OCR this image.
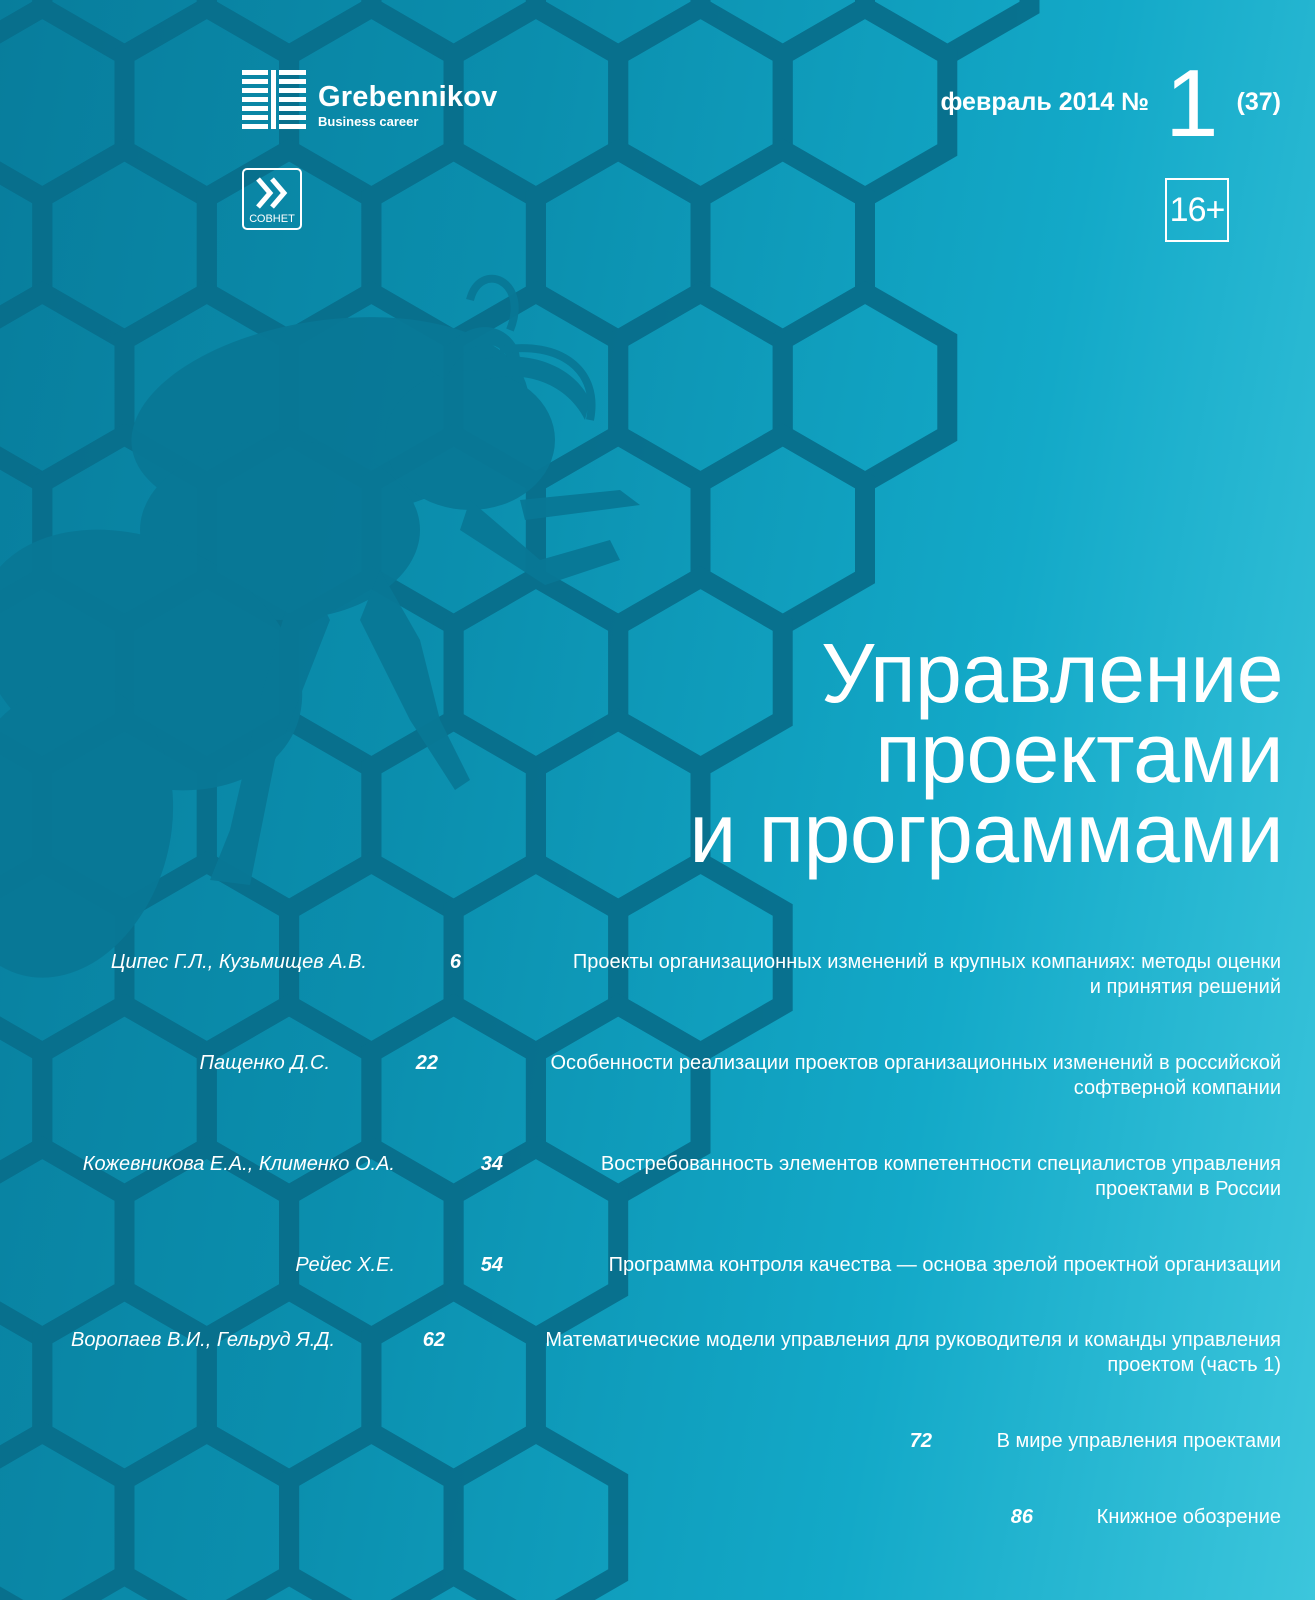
Grebennikov
Business career
СОВНЕТ
февраль 2014 № 1 (37)
16+
Управление
проектами
и программами
Ципес Г.Л., Кузьмищев А.В.	6	Проекты организационных изменений в крупных компаниях: методы оценки
и принятия решений
Пащенко Д.С.	22	Особенности реализации проектов организационных изменений в российской
софтверной компании
Кожевникова Е.А., Клименко О.А.	34	Востребованность элементов компетентности специалистов управления
проектами в России
Рейес Х.Е.	54	Программа контроля качества — основа зрелой проектной организации
Воропаев В.И., Гельруд Я.Д.	62	Математические модели управления для руководителя и команды управления
проектом (часть 1)
72	В мире управления проектами
86	Книжное обозрение
